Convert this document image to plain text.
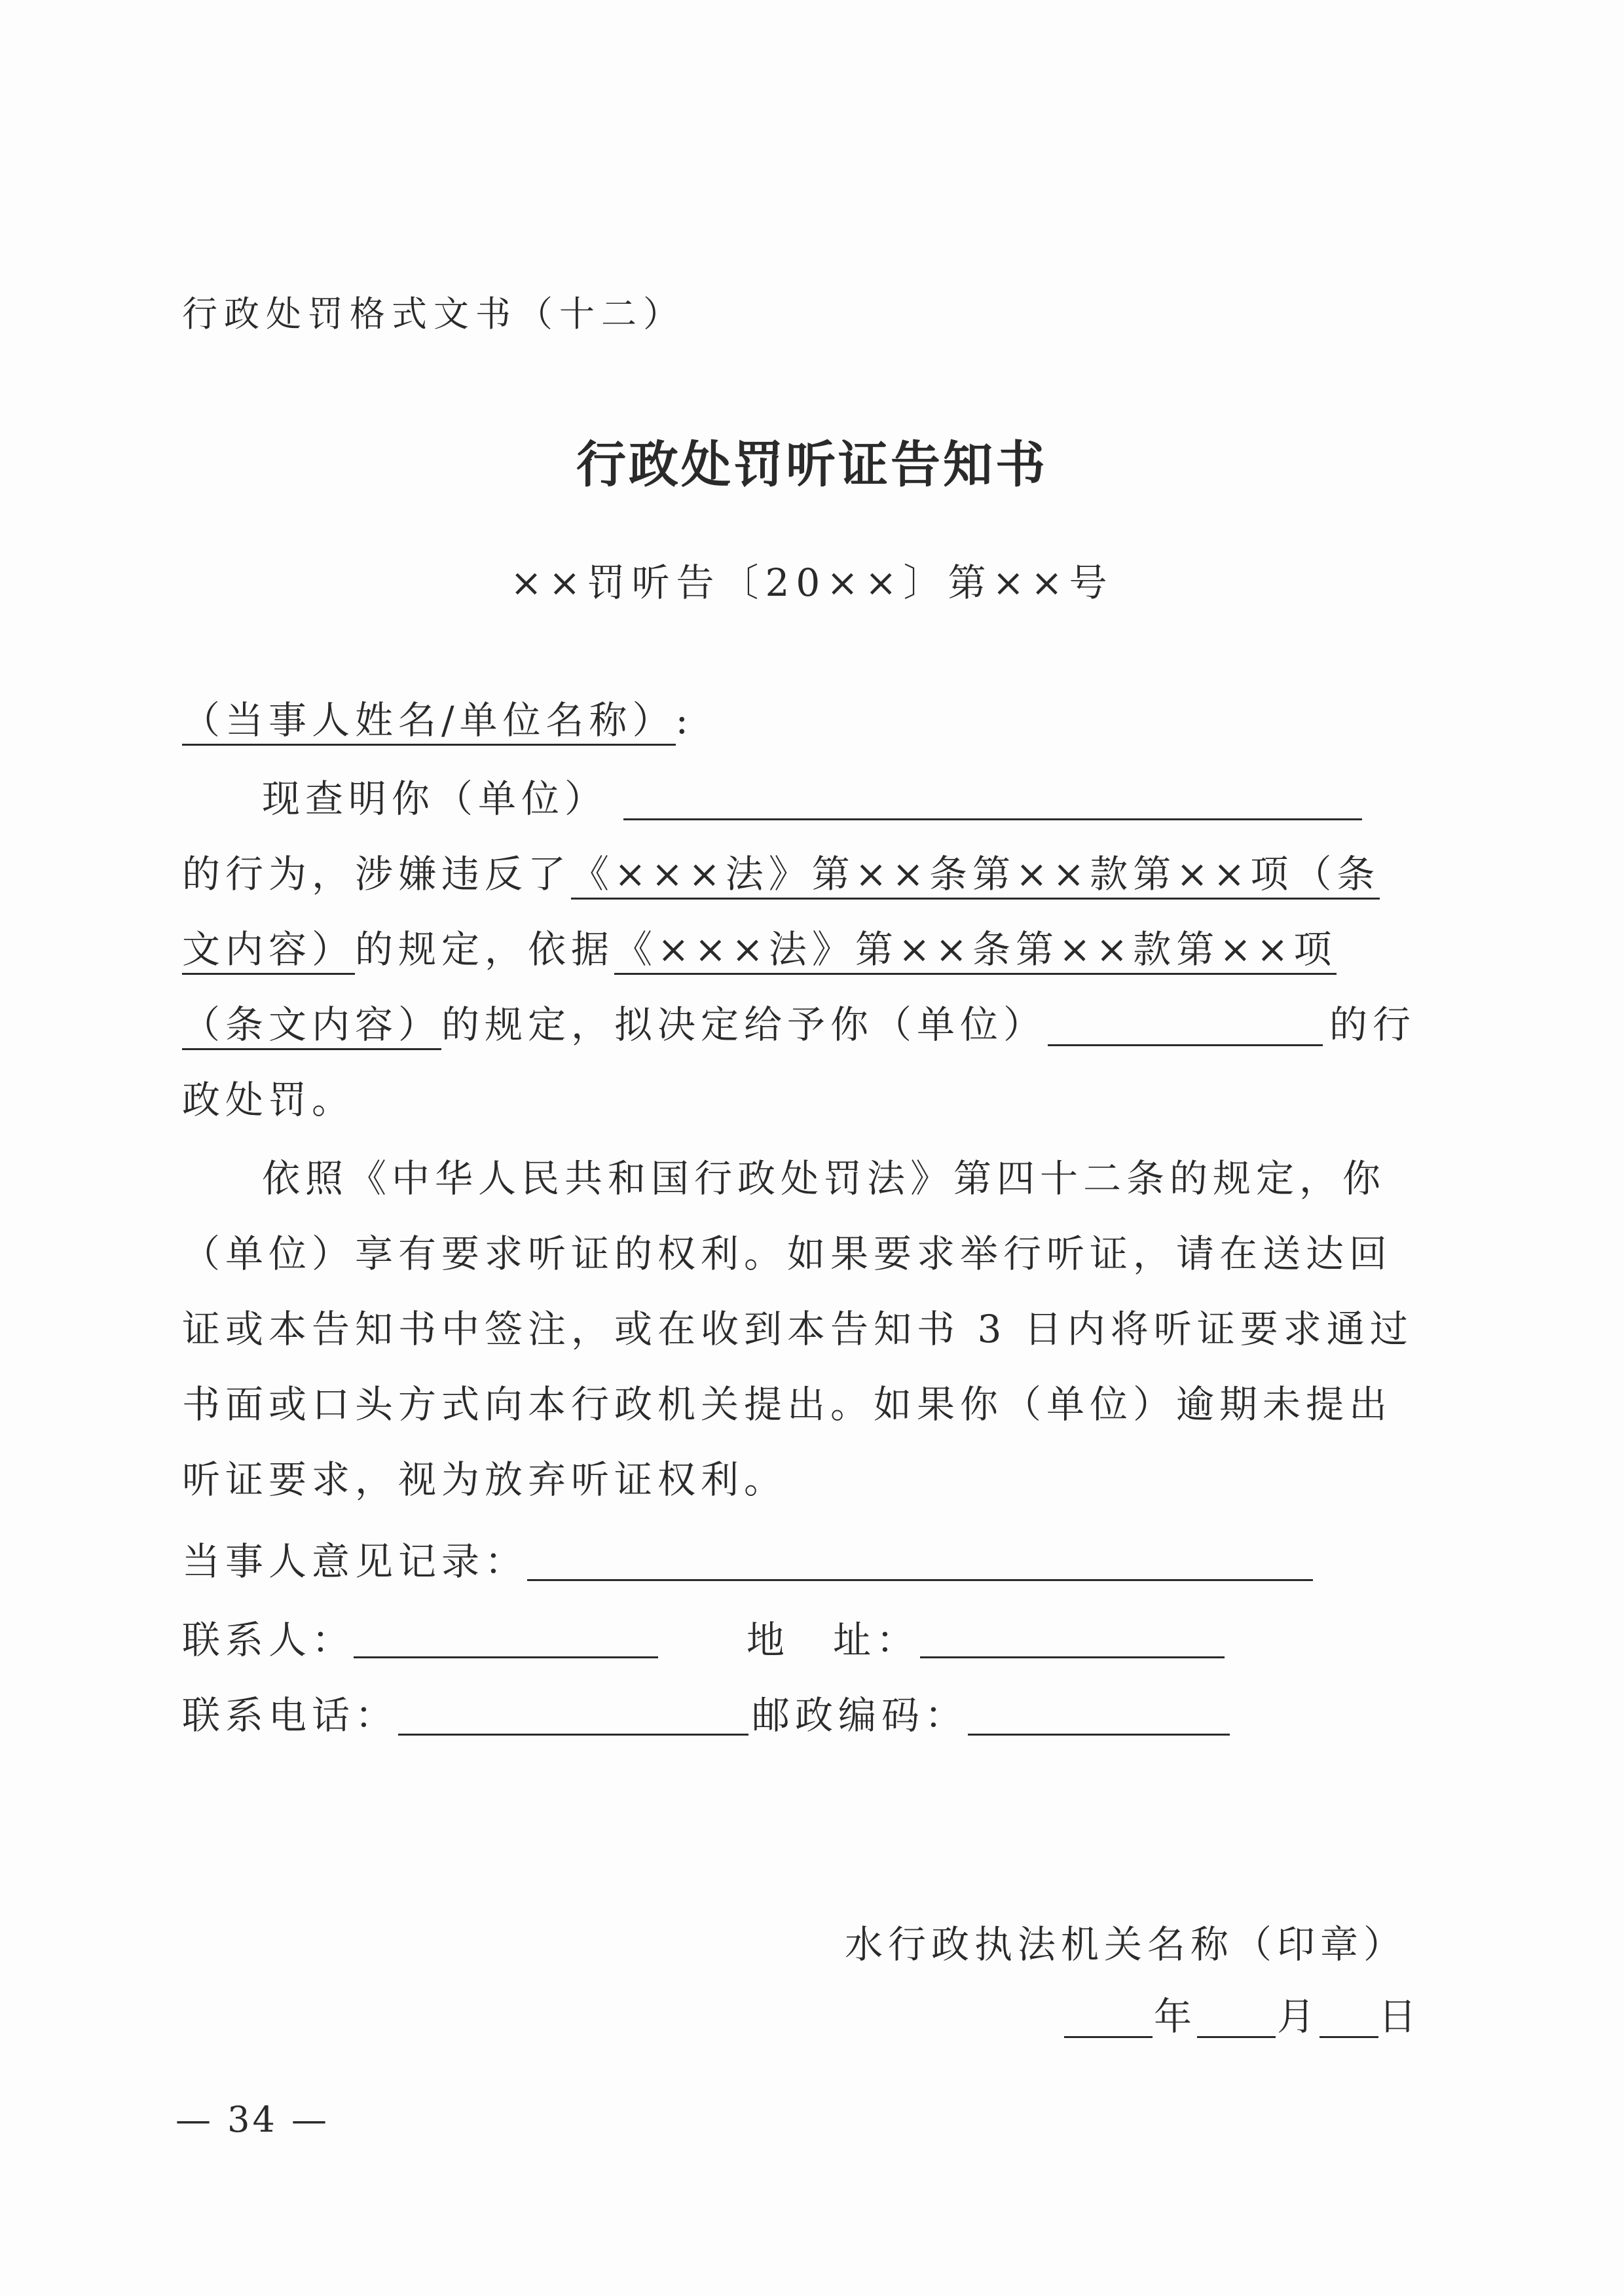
行政处罚格式文书（十二）
行政处罚听证告知书
××罚听告〔20××〕第××号
（当事人姓名/单位名称）:
现查明你（单位）
的行为，涉嫌违反了《×××法》第××条第××款第××项（条
文内容）的规定，依据《×××法》第××条第××款第××项
（条文内容）的规定，拟决定给予你（单位）	的行
政处罚。
依照《中华人民共和国行政处罚法》第四十二条的规定，你
（单位）享有要求听证的权利。如果要求举行听证，请在送达回
证或本告知书中签注，或在收到本告知书 3 日内将听证要求通过
书面或口头方式向本行政机关提出。如果你（单位）逾期未提出
听证要求，视为放弃听证权利。
当事人意见记录：
联系人：	地　址：
联系电话：	邮政编码：
水行政执法机关名称（印章）
年 月 日
— 34 —
